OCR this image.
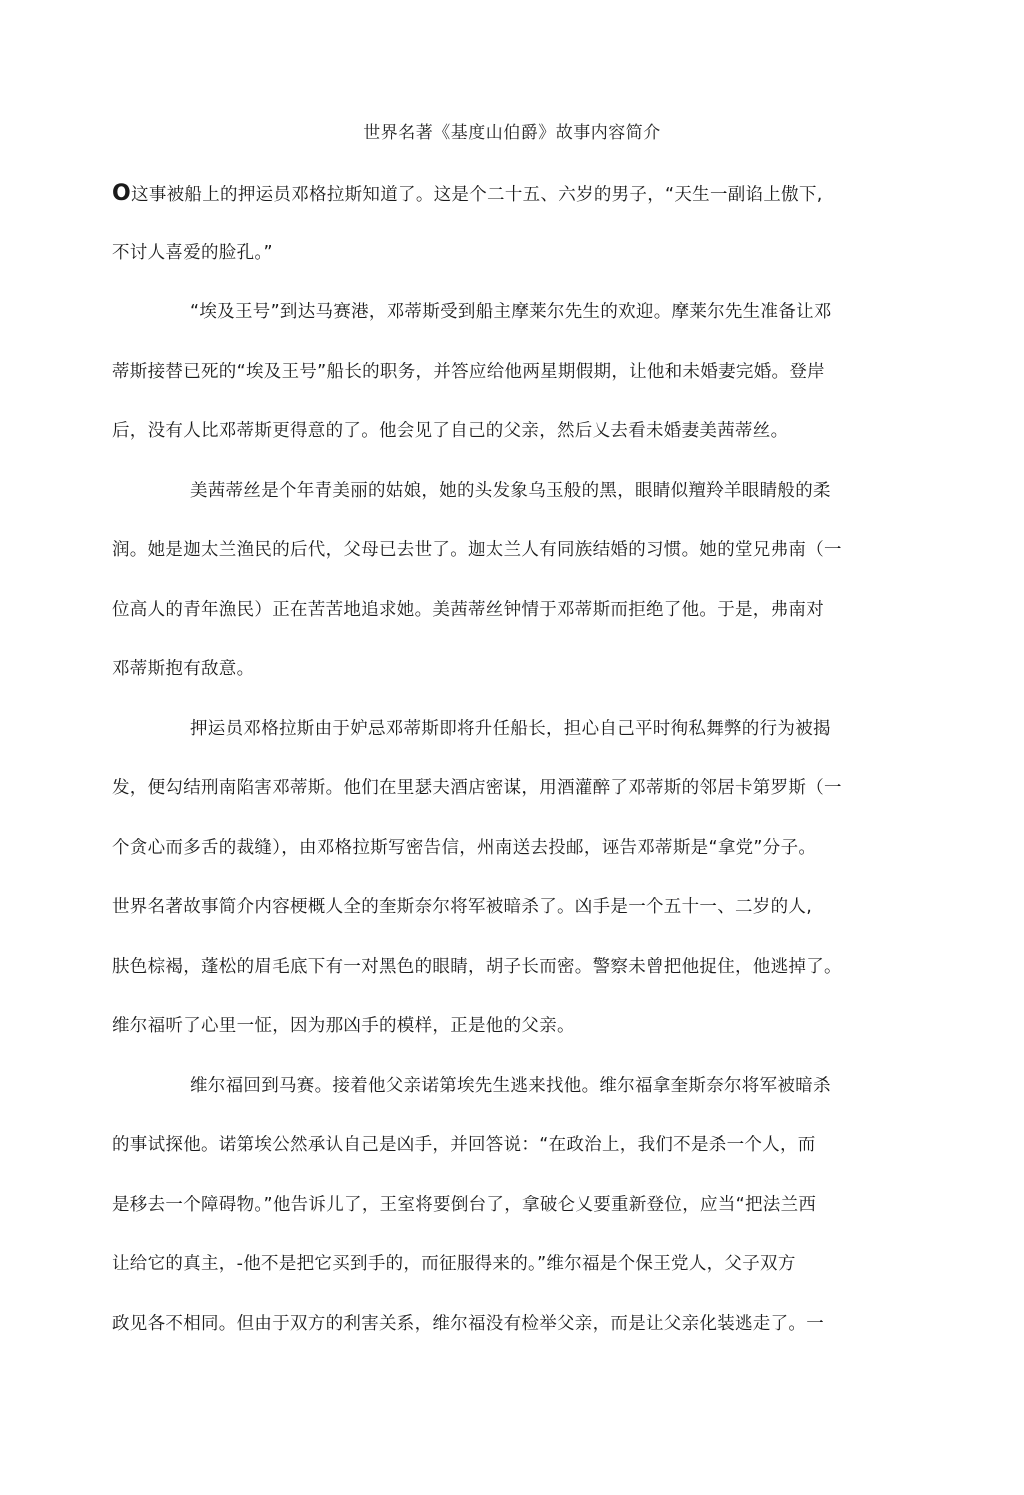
世界名著《基度山伯爵》故事内容简介
O这事被船上的押运员邓格拉斯知道了。这是个二十五、六岁的男子，“天生一副谄上傲下,
不讨人喜爱的脸孔。”
“埃及王号”到达马赛港，邓蒂斯受到船主摩莱尔先生的欢迎。摩莱尔先生准备让邓
蒂斯接替已死的“埃及王号”船长的职务，并答应给他两星期假期，让他和未婚妻完婚。登岸
后，没有人比邓蒂斯更得意的了。他会见了自己的父亲，然后乂去看未婚妻美茜蒂丝。
美茜蒂丝是个年青美丽的姑娘，她的头发象乌玉般的黑，眼睛似羶羚羊眼睛般的柔
润。她是迦太兰渔民的后代，父母已去世了。迦太兰人有同族结婚的习惯。她的堂兄弗南（一
位高人的青年漁民）正在苦苦地追求她。美茜蒂丝钟情于邓蒂斯而拒绝了他。于是，弗南对
邓蒂斯抱有敌意。
押运员邓格拉斯由于妒忌邓蒂斯即将升任船长，担心自己平时徇私舞弊的行为被揭
发，便勾结刑南陷害邓蒂斯。他们在里瑟夫酒店密谋，用酒灌醉了邓蒂斯的邻居卡第罗斯（一
个贪心而多舌的裁缝），由邓格拉斯写密告信，州南送去投邮，诬告邓蒂斯是“拿党”分子。
世界名著故事简介内容梗概人全的奎斯奈尔将军被暗杀了。凶手是一个五十一、二岁的人,
肤色棕褐，蓬松的眉毛底下有一对黑色的眼睛，胡子长而密。警察未曾把他捉住，他逃掉了。
维尔福听了心里一怔，因为那凶手的模样，正是他的父亲。
维尔福回到马赛。接着他父亲诺第埃先生逃来找他。维尔福拿奎斯奈尔将军被暗杀
的事试探他。诺第埃公然承认自己是凶手，并回答说：“在政治上，我们不是杀一个人，而
是移去一个障碍物。”他告诉儿了，王室将要倒台了，拿破仑乂要重新登位，应当“把法兰西
让给它的真主，-他不是把它买到手的，而征服得来的。”维尔福是个保王党人，父子双方
政见各不相同。但由于双方的利害关系，维尔福没有检举父亲，而是让父亲化装逃走了。一
